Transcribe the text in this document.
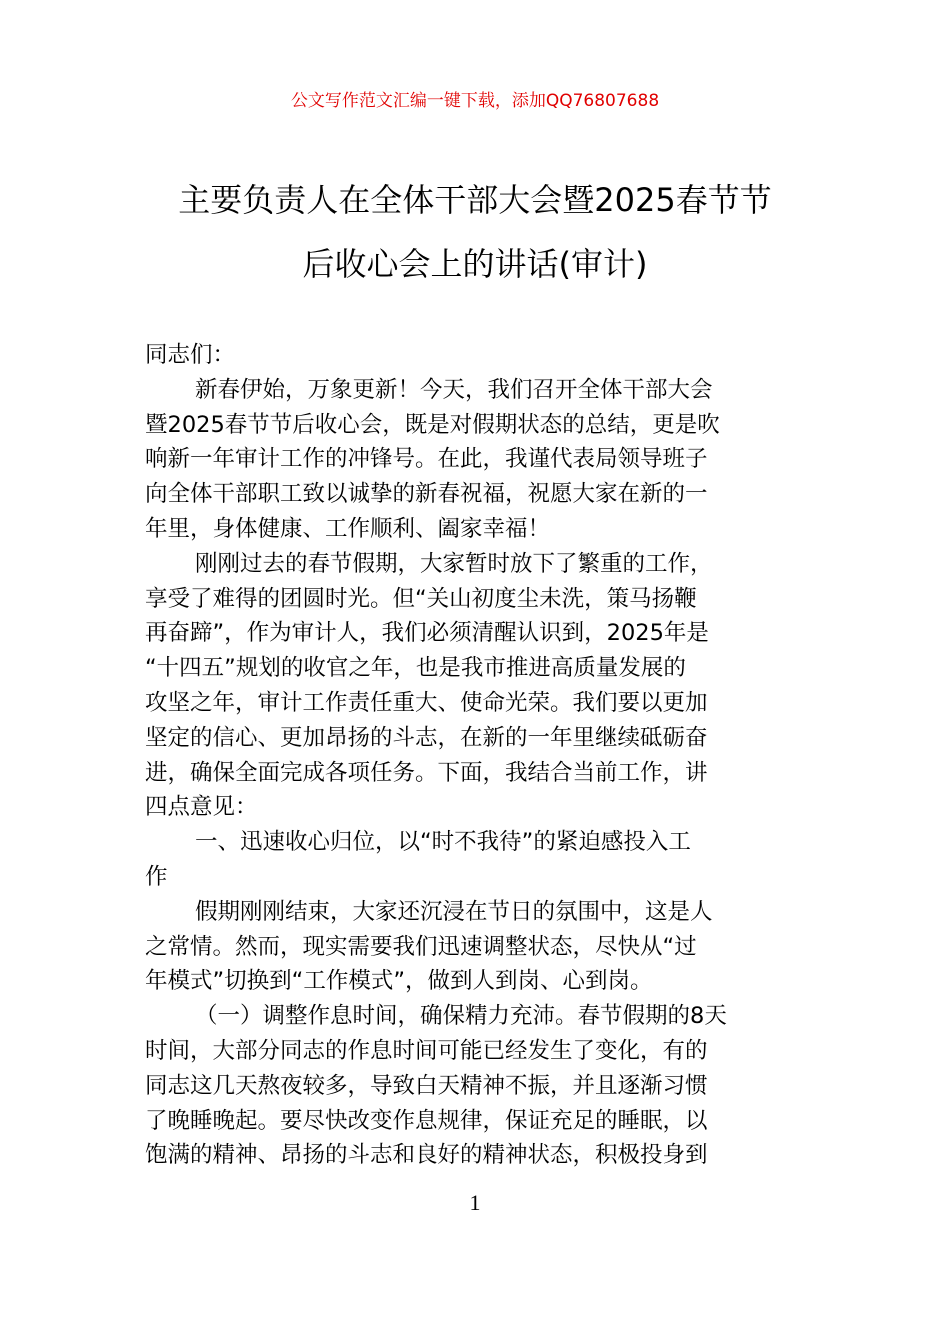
公文写作范文汇编一键下载，添加QQ76807688
主要负责人在全体干部大会暨2025春节节
后收心会上的讲话(审计)
同志们：
新春伊始，万象更新！今天，我们召开全体干部大会
暨2025春节节后收心会，既是对假期状态的总结，更是吹
响新一年审计工作的冲锋号。在此，我谨代表局领导班子
向全体干部职工致以诚挚的新春祝福，祝愿大家在新的一
年里，身体健康、工作顺利、阖家幸福！
刚刚过去的春节假期，大家暂时放下了繁重的工作，
享受了难得的团圆时光。但“关山初度尘未洗，策马扬鞭
再奋蹄”，作为审计人，我们必须清醒认识到，2025年是
“十四五”规划的收官之年，也是我市推进高质量发展的
攻坚之年，审计工作责任重大、使命光荣。我们要以更加
坚定的信心、更加昂扬的斗志，在新的一年里继续砥砺奋
进，确保全面完成各项任务。下面，我结合当前工作，讲
四点意见：
一、迅速收心归位，以“时不我待”的紧迫感投入工
作
假期刚刚结束，大家还沉浸在节日的氛围中，这是人
之常情。然而，现实需要我们迅速调整状态，尽快从“过
年模式”切换到“工作模式”，做到人到岗、心到岗。
（一）调整作息时间，确保精力充沛。春节假期的8天
时间，大部分同志的作息时间可能已经发生了变化，有的
同志这几天熬夜较多，导致白天精神不振，并且逐渐习惯
了晚睡晚起。要尽快改变作息规律，保证充足的睡眠，以
饱满的精神、昂扬的斗志和良好的精神状态，积极投身到
1
